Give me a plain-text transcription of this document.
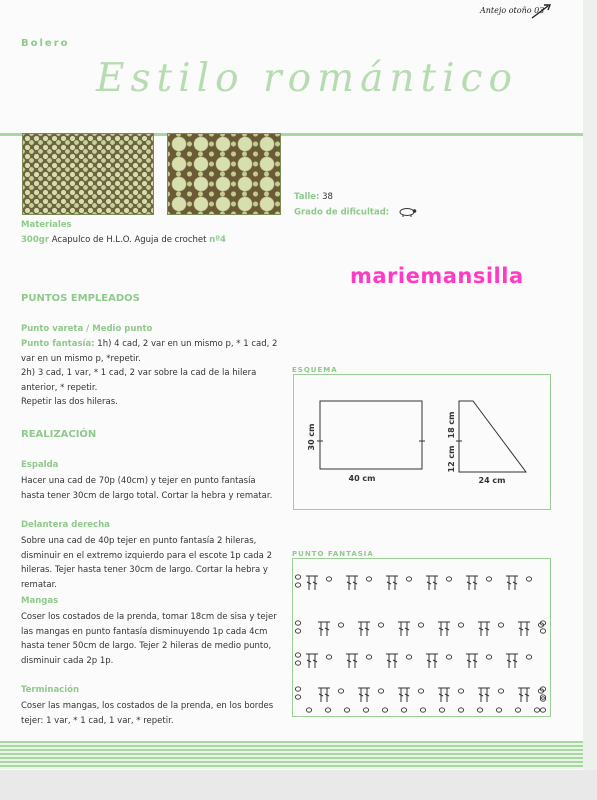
Antejo otoño 03
Bolero
Estilo romántico
Talle: 38
Grado de dificultad:
Materiales
300gr Acapulco de H.L.O. Aguja de crochet nº4
mariemansilla
PUNTOS EMPLEADOS
Punto vareta / Medio punto
Punto fantasía: 1h) 4 cad, 2 var en un mismo p, * 1 cad, 2 var en un mismo p, *repetir.
2h) 3 cad, 1 var, * 1 cad, 2 var sobre la cad de la hilera anterior, * repetir.
Repetir las dos hileras.
REALIZACIÓN
Espalda
Hacer una cad de 70p (40cm) y tejer en punto fantasía hasta tener 30cm de largo total. Cortar la hebra y rematar.
Delantera derecha
Sobre una cad de 40p tejer en punto fantasía 2 hileras, disminuir en el extremo izquierdo para el escote 1p cada 2 hileras. Tejer hasta tener 30cm de largo. Cortar la hebra y rematar.
Mangas
Coser los costados de la prenda, tomar 18cm de sisa y tejer las mangas en punto fantasía disminuyendo 1p cada 4cm hasta tener 50cm de largo. Tejer 2 hileras de medio punto, disminuir cada 2p 1p.
Terminación
Coser las mangas, los costados de la prenda, en los bordes tejer: 1 var, * 1 cad, 1 var, * repetir.
ESQUEMA
30 cm
40 cm
18 cm
12 cm
24 cm
PUNTO FANTASIA
